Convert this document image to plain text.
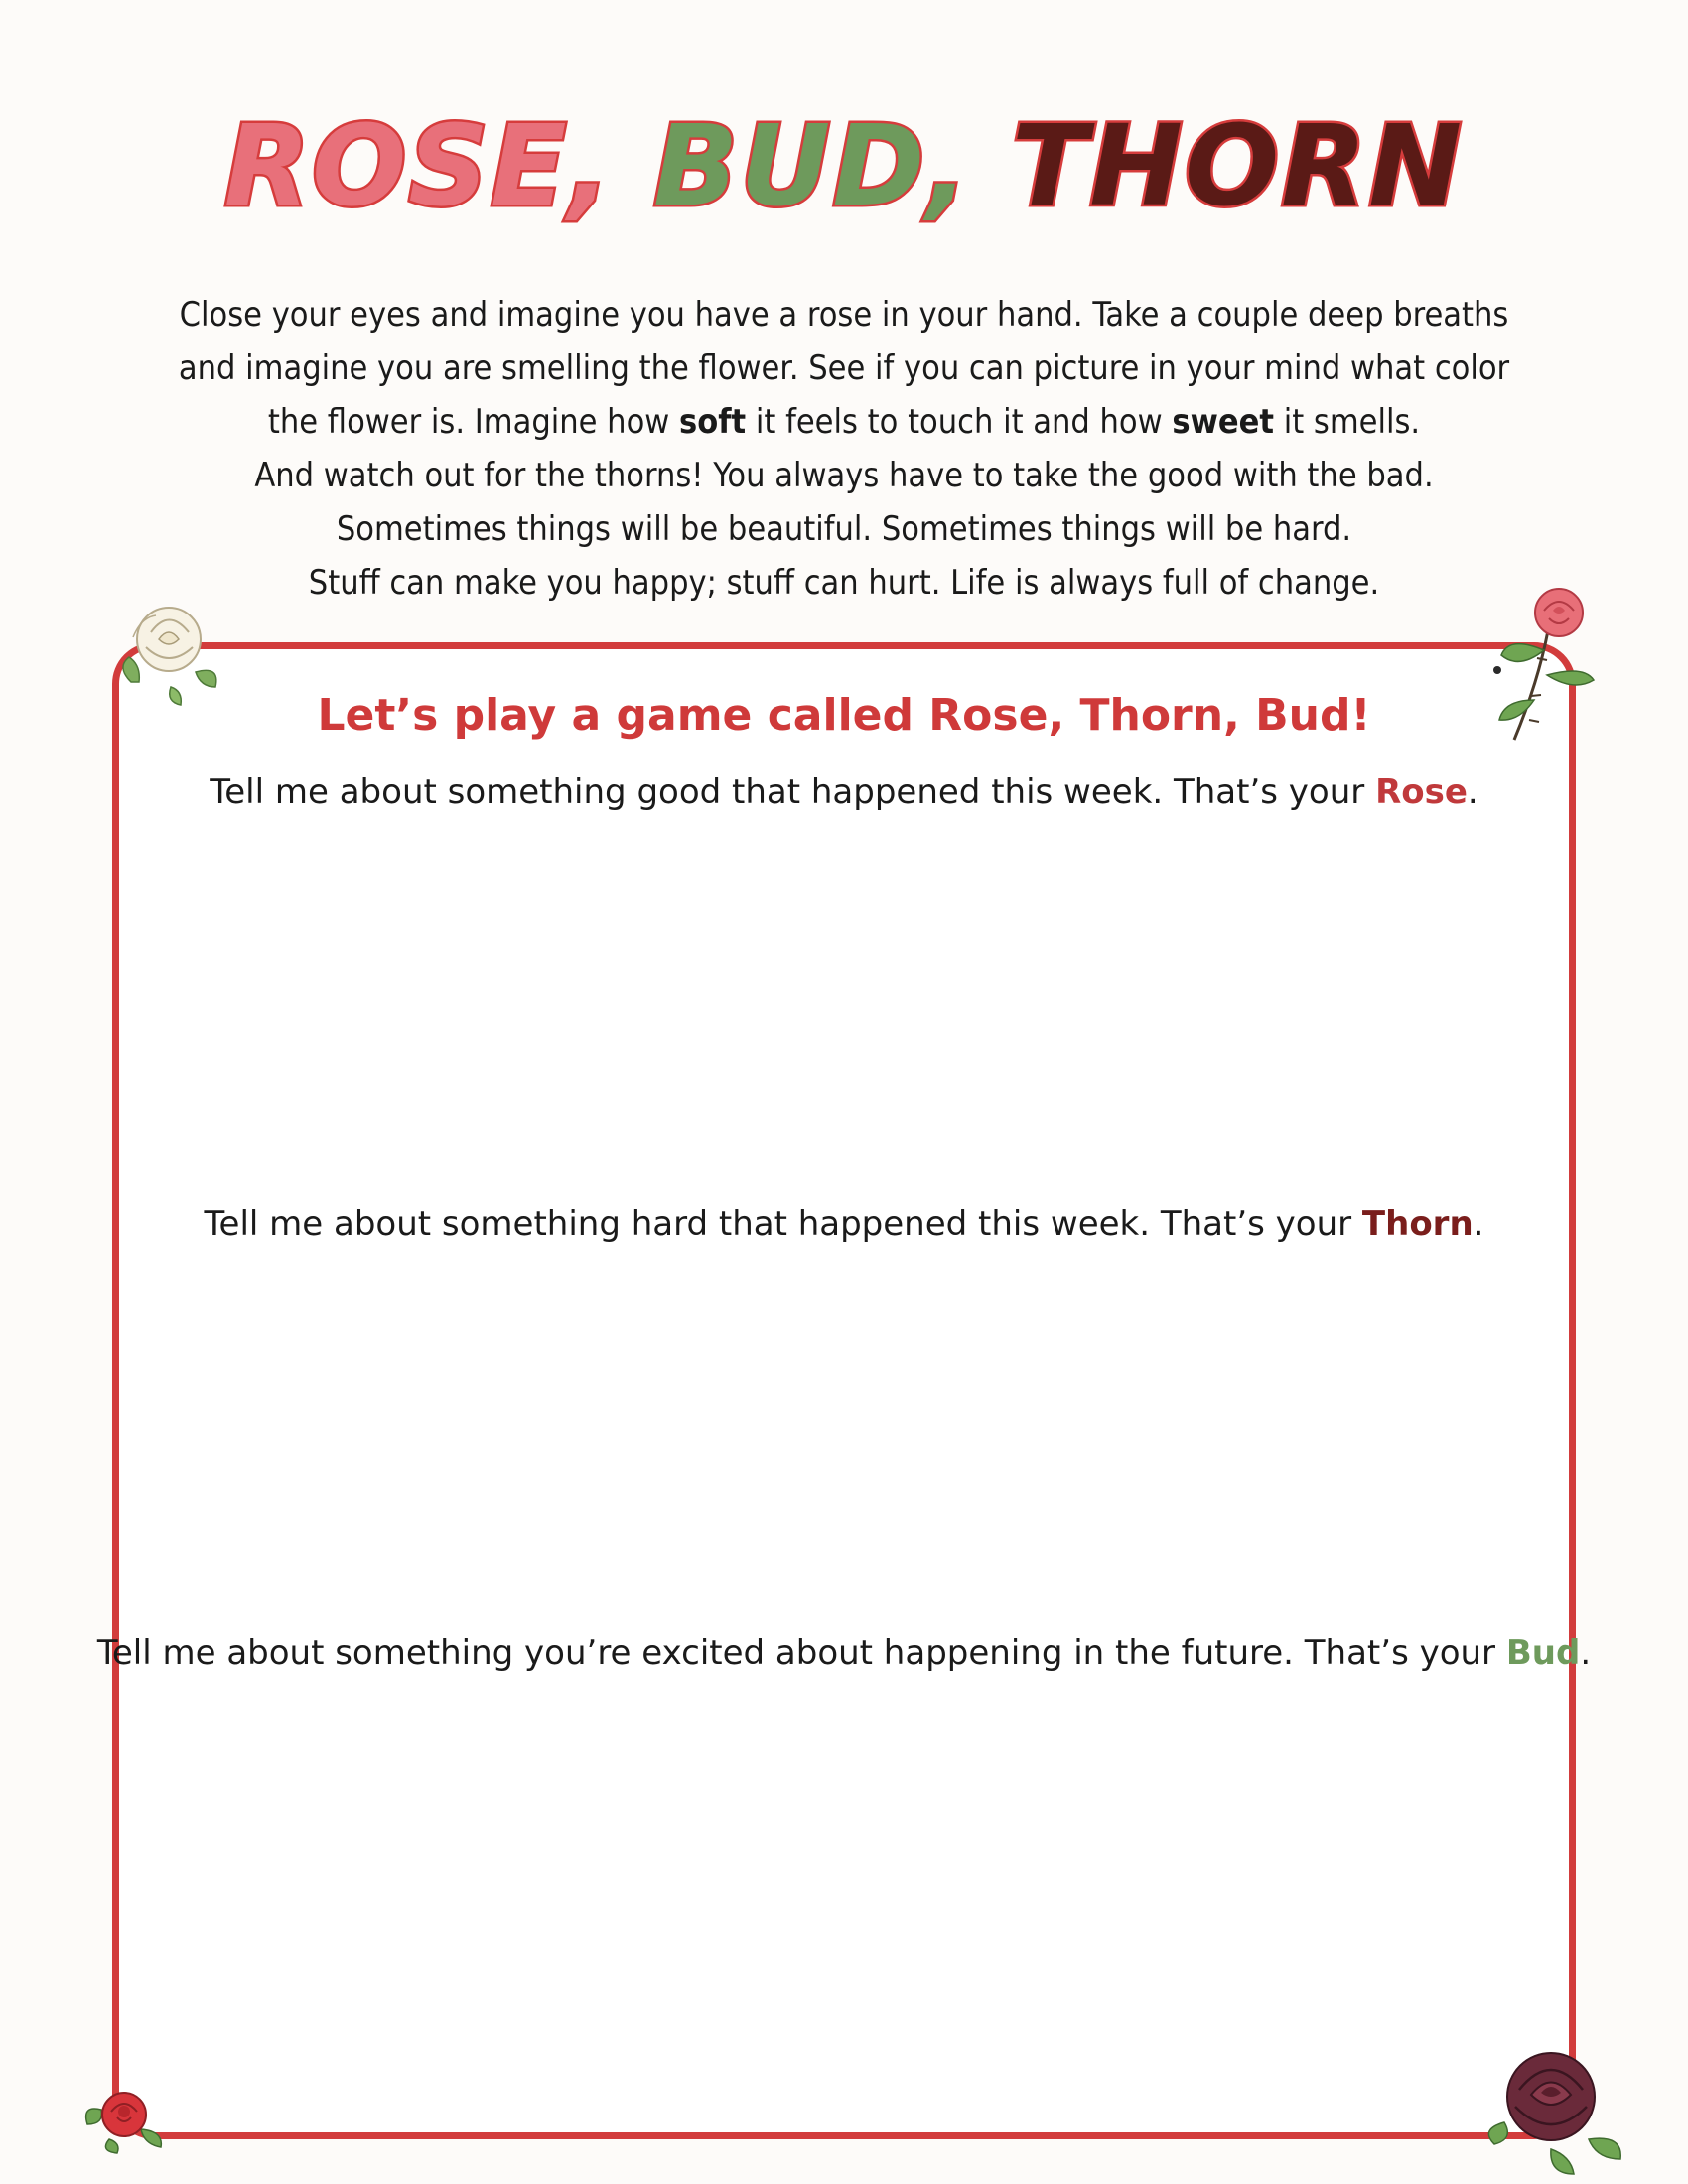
ROSE, BUD, THORN
Close your eyes and imagine you have a rose in your hand. Take a couple deep breaths
and imagine you are smelling the flower. See if you can picture in your mind what color
the flower is. Imagine how soft it feels to touch it and how sweet it smells.
And watch out for the thorns! You always have to take the good with the bad.
Sometimes things will be beautiful. Sometimes things will be hard.
Stuff can make you happy; stuff can hurt. Life is always full of change.
Let’s play a game called Rose, Thorn, Bud!
Tell me about something good that happened this week. That’s your Rose.
Tell me about something hard that happened this week. That’s your Thorn.
Tell me about something you’re excited about happening in the future. That’s your Bud.
